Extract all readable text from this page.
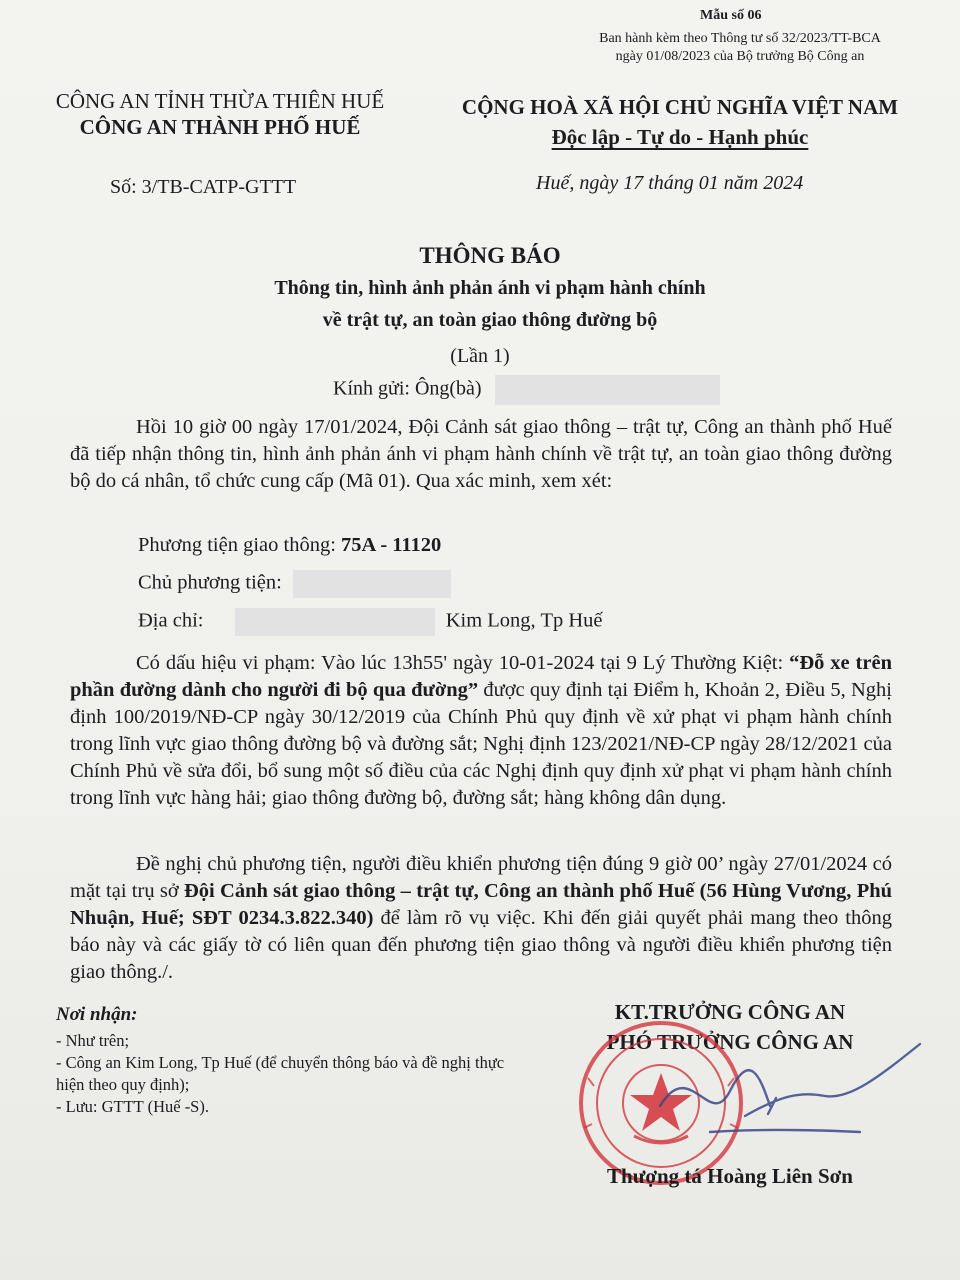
Mẫu số 06
Ban hành kèm theo Thông tư số 32/2023/TT-BCA
ngày 01/08/2023 của Bộ trưởng Bộ Công an
CÔNG AN TỈNH THỪA THIÊN HUẾ
CÔNG AN THÀNH PHỐ HUẾ
CỘNG HOÀ XÃ HỘI CHỦ NGHĨA VIỆT NAM
Độc lập - Tự do - Hạnh phúc
Số: 3/TB-CATP-GTTT	Huế, ngày 17 tháng 01 năm 2024
THÔNG BÁO
Thông tin, hình ảnh phản ánh vi phạm hành chính
về trật tự, an toàn giao thông đường bộ
(Lần 1)
Kính gửi: Ông(bà)
Hồi 10 giờ 00 ngày 17/01/2024, Đội Cảnh sát giao thông – trật tự, Công an thành phố Huế đã tiếp nhận thông tin, hình ảnh phản ánh vi phạm hành chính về trật tự, an toàn giao thông đường bộ do cá nhân, tổ chức cung cấp (Mã 01). Qua xác minh, xem xét:
Phương tiện giao thông: 75A - 11120
Chủ phương tiện:
Địa chỉ:	Kim Long, Tp Huế
Có dấu hiệu vi phạm: Vào lúc 13h55' ngày 10-01-2024 tại 9 Lý Thường Kiệt: “Đỗ xe trên phần đường dành cho người đi bộ qua đường” được quy định tại Điểm h, Khoản 2, Điều 5, Nghị định 100/2019/NĐ-CP ngày 30/12/2019 của Chính Phủ quy định về xử phạt vi phạm hành chính trong lĩnh vực giao thông đường bộ và đường sắt; Nghị định 123/2021/NĐ-CP ngày 28/12/2021 của Chính Phủ về sửa đổi, bổ sung một số điều của các Nghị định quy định xử phạt vi phạm hành chính trong lĩnh vực hàng hải; giao thông đường bộ, đường sắt; hàng không dân dụng.
Đề nghị chủ phương tiện, người điều khiển phương tiện đúng 9 giờ 00’ ngày 27/01/2024 có mặt tại trụ sở Đội Cảnh sát giao thông – trật tự, Công an thành phố Huế (56 Hùng Vương, Phú Nhuận, Huế; SĐT 0234.3.822.340) để làm rõ vụ việc. Khi đến giải quyết phải mang theo thông báo này và các giấy tờ có liên quan đến phương tiện giao thông và người điều khiển phương tiện giao thông./.
Nơi nhận:
- Như trên;
- Công an Kim Long, Tp Huế (để chuyển thông báo và đề nghị thực hiện theo quy định);
- Lưu: GTTT (Huế -S).
KT.TRƯỞNG CÔNG AN
PHÓ TRƯỞNG CÔNG AN
Thượng tá Hoàng Liên Sơn
